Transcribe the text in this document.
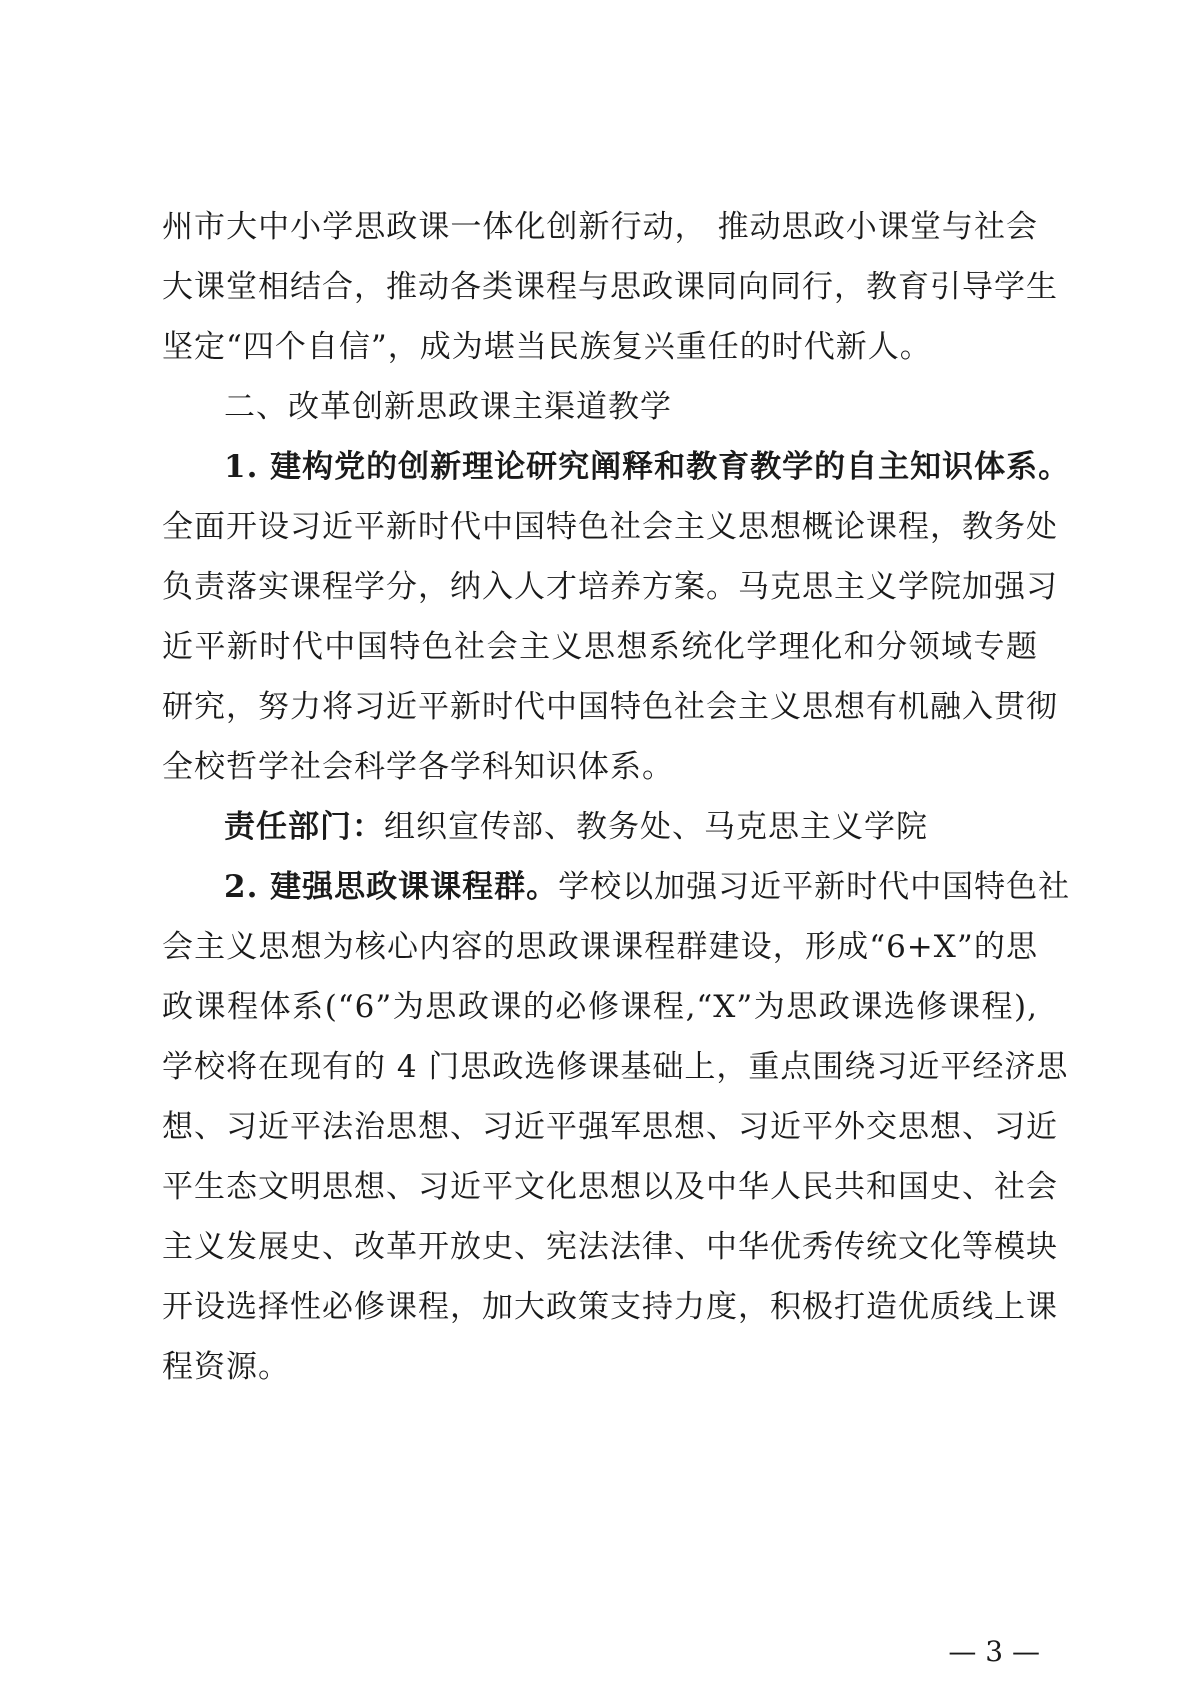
州市大中小学思政课一体化创新行动， 推动思政小课堂与社会
大课堂相结合，推动各类课程与思政课同向同行，教育引导学生
坚定“四个自信”，成为堪当民族复兴重任的时代新人。
二、改革创新思政课主渠道教学
1. 建构党的创新理论研究阐释和教育教学的自主知识体系。
全面开设习近平新时代中国特色社会主义思想概论课程，教务处
负责落实课程学分，纳入人才培养方案。马克思主义学院加强习
近平新时代中国特色社会主义思想系统化学理化和分领域专题
研究，努力将习近平新时代中国特色社会主义思想有机融入贯彻
全校哲学社会科学各学科知识体系。
责任部门：组织宣传部、教务处、马克思主义学院
2. 建强思政课课程群。学校以加强习近平新时代中国特色社
会主义思想为核心内容的思政课课程群建设，形成“6+X”的思
政课程体系(“6”为思政课的必修课程,“X”为思政课选修课程),
学校将在现有的 4 门思政选修课基础上，重点围绕习近平经济思
想、习近平法治思想、习近平强军思想、习近平外交思想、习近
平生态文明思想、习近平文化思想以及中华人民共和国史、社会
主义发展史、改革开放史、宪法法律、中华优秀传统文化等模块
开设选择性必修课程，加大政策支持力度，积极打造优质线上课
程资源。
— 3 —
